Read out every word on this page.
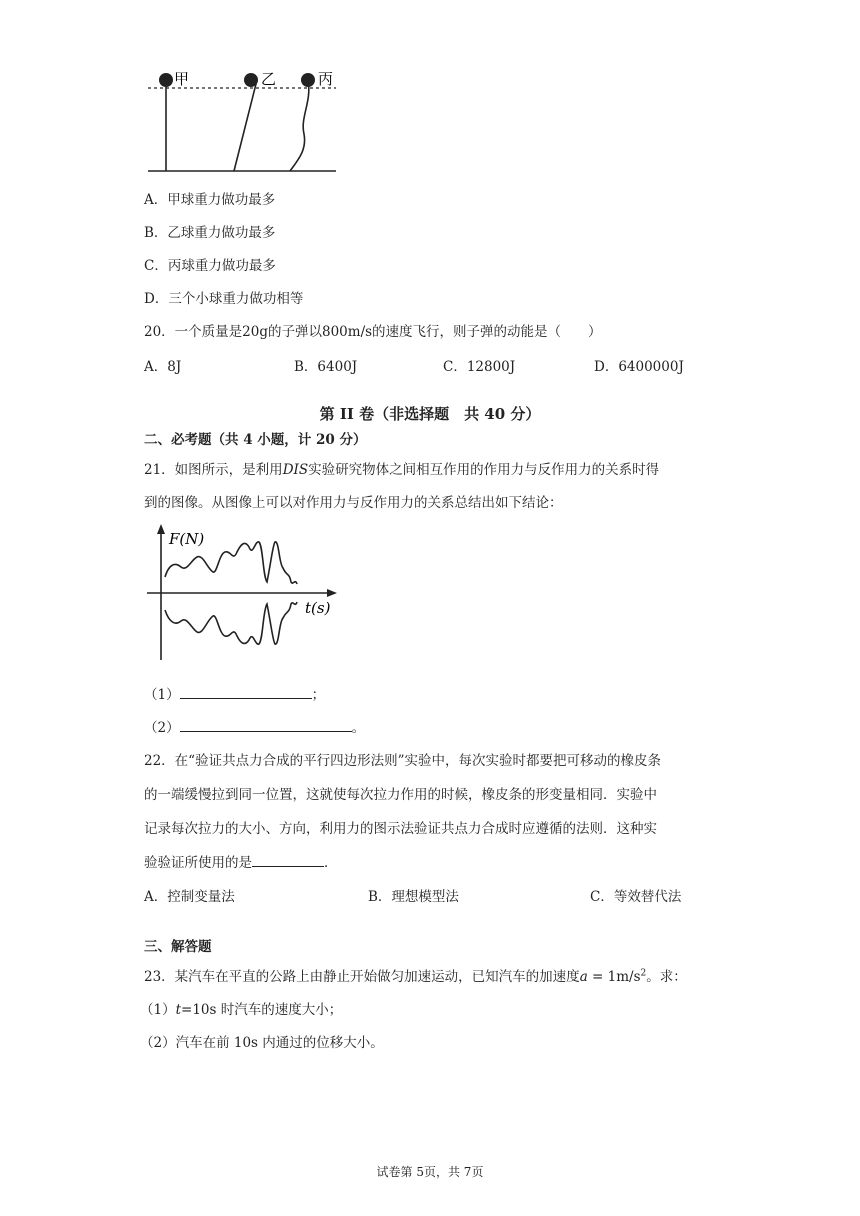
甲	乙	丙
A．甲球重力做功最多
B．乙球重力做功最多
C．丙球重力做功最多
D．三个小球重力做功相等
20．一个质量是20g的子弹以800m/s的速度飞行，则子弹的动能是（　　）
A．8J	B．6400J	C．12800J	D．6400000J
第 II 卷（非选择题　共 40 分）
二、必考题（共 4 小题，计 20 分）
21．如图所示，是利用DIS实验研究物体之间相互作用的作用力与反作用力的关系时得
到的图像。从图像上可以对作用力与反作用力的关系总结出如下结论：
F(N)
t(s)
（1）	；
（2）	。
22．在“验证共点力合成的平行四边形法则”实验中，每次实验时都要把可移动的橡皮条
的一端缓慢拉到同一位置，这就使每次拉力作用的时候，橡皮条的形变量相同．实验中
记录每次拉力的大小、方向，利用力的图示法验证共点力合成时应遵循的法则．这种实
验验证所使用的是	．
A．控制变量法	B．理想模型法	C．等效替代法
三、解答题
23．某汽车在平直的公路上由静止开始做匀加速运动，已知汽车的加速度$a = 1m/s^2$。求：
（1）t=10s 时汽车的速度大小；
（2）汽车在前 10s 内通过的位移大小。
试卷第 5页，共 7页
